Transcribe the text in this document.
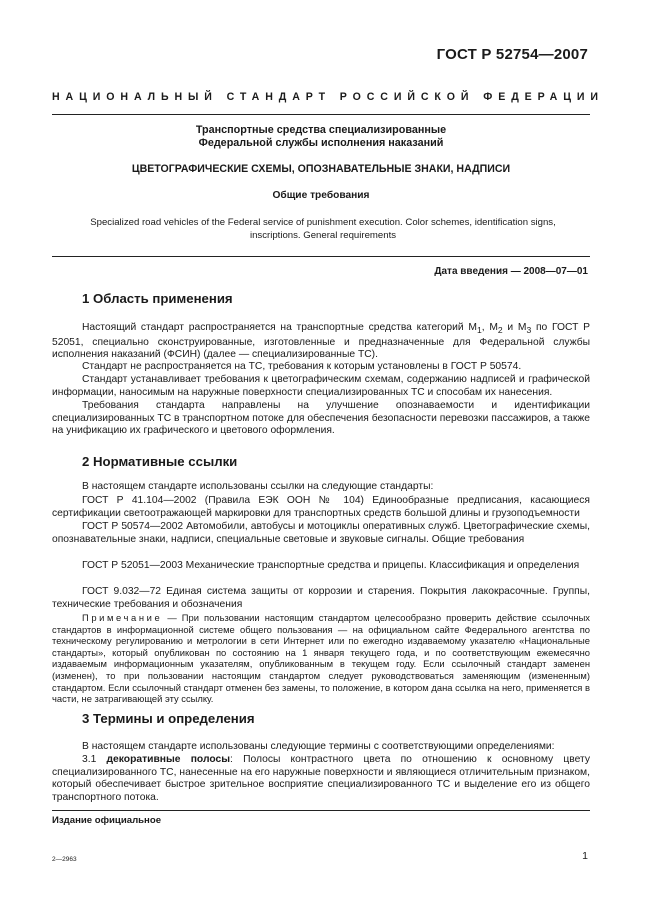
ГОСТ Р 52754—2007
НАЦИОНАЛЬНЫЙ СТАНДАРТ РОССИЙСКОЙ ФЕДЕРАЦИИ
Транспортные средства специализированные
Федеральной службы исполнения наказаний
ЦВЕТОГРАФИЧЕСКИЕ СХЕМЫ, ОПОЗНАВАТЕЛЬНЫЕ ЗНАКИ, НАДПИСИ
Общие требования
Specialized road vehicles of the Federal service of punishment execution. Color schemes, identification signs,
inscriptions. General requirements
Дата введения — 2008—07—01
1 Область применения
Настоящий стандарт распространяется на транспортные средства категорий $М_1$, $М_2$ и $М_3$ по ГОСТ Р 52051, специально сконструированные, изготовленные и предназначенные для Федеральной службы исполнения наказаний (ФСИН) (далее — специализированные ТС).
Стандарт не распространяется на ТС, требования к которым установлены в ГОСТ Р 50574.
Стандарт устанавливает требования к цветографическим схемам, содержанию надписей и графической информации, наносимым на наружные поверхности специализированных ТС и способам их нанесения.
Требования стандарта направлены на улучшение опознаваемости и идентификации специализированных ТС в транспортном потоке для обеспечения безопасности перевозки пассажиров, а также на унификацию их графического и цветового оформления.
2 Нормативные ссылки
В настоящем стандарте использованы ссылки на следующие стандарты:
ГОСТ Р 41.104—2002 (Правила ЕЭК ООН № 104) Единообразные предписания, касающиеся сертификации светоотражающей маркировки для транспортных средств большой длины и грузоподъемности
ГОСТ Р 50574—2002 Автомобили, автобусы и мотоциклы оперативных служб. Цветографические схемы, опознавательные знаки, надписи, специальные световые и звуковые сигналы. Общие требования
ГОСТ Р 52051—2003 Механические транспортные средства и прицепы. Классификация и определения
ГОСТ 9.032—72 Единая система защиты от коррозии и старения. Покрытия лакокрасочные. Группы, технические требования и обозначения
Примечание — При пользовании настоящим стандартом целесообразно проверить действие ссылочных стандартов в информационной системе общего пользования — на официальном сайте Федерального агентства по техническому регулированию и метрологии в сети Интернет или по ежегодно издаваемому указателю «Национальные стандарты», который опубликован по состоянию на 1 января текущего года, и по соответствующим ежемесячно издаваемым информационным указателям, опубликованным в текущем году. Если ссылочный стандарт заменен (изменен), то при пользовании настоящим стандартом следует руководствоваться заменяющим (измененным) стандартом. Если ссылочный стандарт отменен без замены, то положение, в котором дана ссылка на него, применяется в части, не затрагивающей эту ссылку.
3 Термины и определения
В настоящем стандарте использованы следующие термины с соответствующими определениями:
3.1 декоративные полосы: Полосы контрастного цвета по отношению к основному цвету специализированного ТС, нанесенные на его наружные поверхности и являющиеся отличительным признаком, который обеспечивает быстрое зрительное восприятие специализированного ТС и выделение его из общего транспортного потока.
Издание официальное
2—2963	1
